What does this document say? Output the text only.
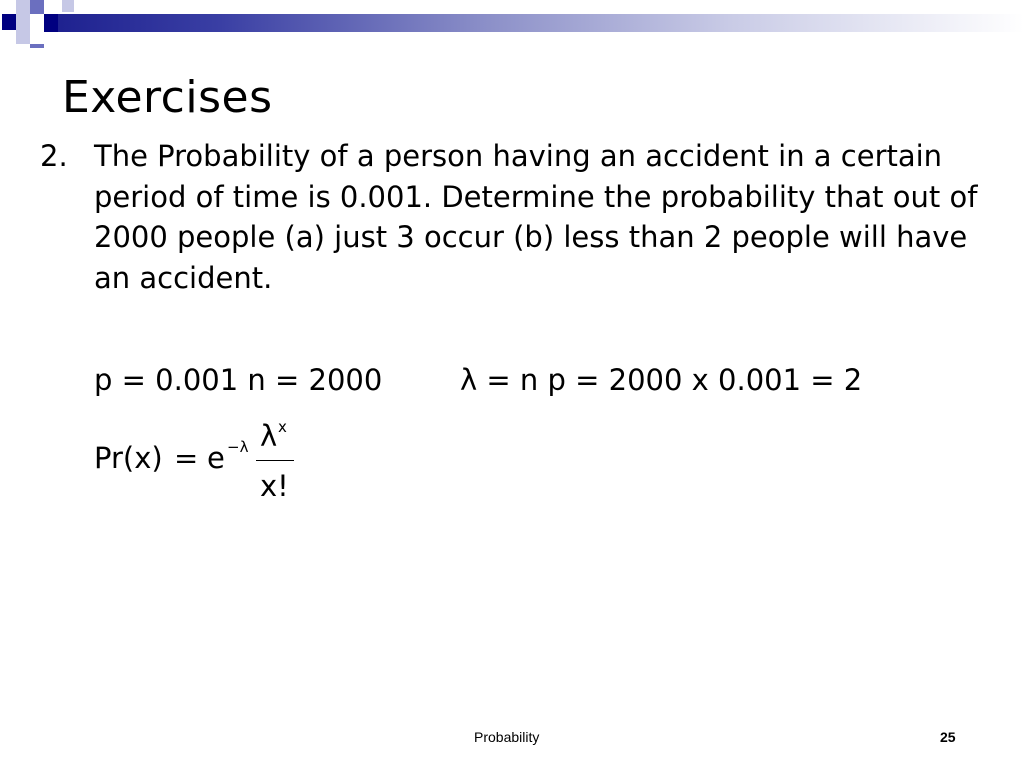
Exercises
2. The Probability of a person having an accident in a certain period of time is 0.001. Determine the probability that out of 2000 people (a) just 3 occur (b) less than 2 people will have an accident.
p = 0.001 n = 2000	λ = n p = 2000 x 0.001 = 2
Pr(x) = e −λ λ x
x!
Probability	25
